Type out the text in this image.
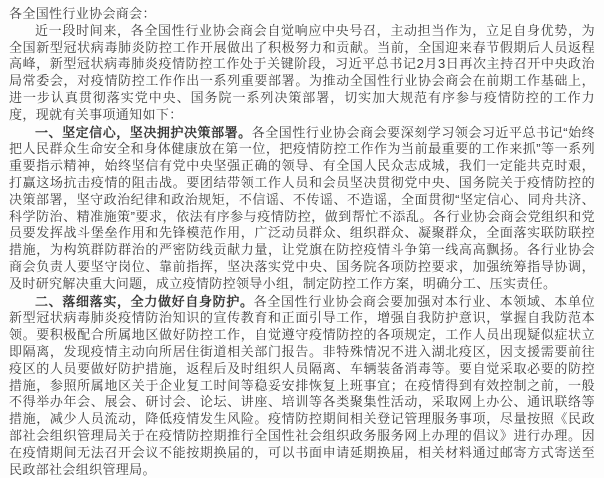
各全国性行业协会商会：

近一段时间来，各全国性行业协会商会自觉响应中央号召，主动担当作为，立足自身优势，为全国新型冠状病毒肺炎防控工作开展做出了积极努力和贡献。当前，全国迎来春节假期后人员返程高峰，新型冠状病毒肺炎疫情防控工作处于关键阶段，习近平总书记2月3日再次主持召开中央政治局常委会，对疫情防控工作作出一系列重要部署。为推动全国性行业协会商会在前期工作基础上，进一步认真贯彻落实党中央、国务院一系列决策部署，切实加大规范有序参与疫情防控的工作力度，现就有关事项通知如下：

一、坚定信心，坚决拥护决策部署。各全国性行业协会商会要深刻学习领会习近平总书记“始终把人民群众生命安全和身体健康放在第一位，把疫情防控工作作为当前最重要的工作来抓”等一系列重要指示精神，始终坚信有党中央坚强正确的领导、有全国人民众志成城，我们一定能共克时艰，打赢这场抗击疫情的阻击战。要团结带领工作人员和会员坚决贯彻党中央、国务院关于疫情防控的决策部署，坚守政治纪律和政治规矩，不信谣、不传谣、不造谣，全面贯彻“坚定信心、同舟共济、科学防治、精准施策”要求，依法有序参与疫情防控，做到帮忙不添乱。各行业协会商会党组织和党员要发挥战斗堡垒作用和先锋模范作用，广泛动员群众、组织群众、凝聚群众，全面落实联防联控措施，为构筑群防群治的严密防线贡献力量，让党旗在防控疫情斗争第一线高高飘扬。各行业协会商会负责人要坚守岗位、靠前指挥，坚决落实党中央、国务院各项防控要求，加强统筹指导协调，及时研究解决重大问题，成立疫情防控领导小组，制定防控工作方案，明确分工、压实责任。

二、落细落实，全力做好自身防护。各全国性行业协会商会要加强对本行业、本领域、本单位新型冠状病毒肺炎疫情防治知识的宣传教育和正面引导工作，增强自我防护意识，掌握自我防范本领。要积极配合所属地区做好防控工作，自觉遵守疫情防控的各项规定，工作人员出现疑似症状立即隔离，发现疫情主动向所居住街道相关部门报告。非特殊情况不进入湖北疫区，因支援需要前往疫区的人员要做好防护措施，返程后及时组织人员隔离、车辆装备消毒等。要自觉采取必要的防控措施，参照所属地区关于企业复工时间等稳妥安排恢复上班事宜；在疫情得到有效控制之前，一般不得举办年会、展会、研讨会、论坛、讲座、培训等各类聚集性活动，采取网上办公、通讯联络等措施，减少人员流动，降低疫情发生风险。疫情防控期间相关登记管理服务事项，尽量按照《民政部社会组织管理局关于在疫情防控期推行全国性社会组织政务服务网上办理的倡议》进行办理。因在疫情期间无法召开会议不能按期换届的，可以书面申请延期换届，相关材料通过邮寄方式寄送至民政部社会组织管理局。
